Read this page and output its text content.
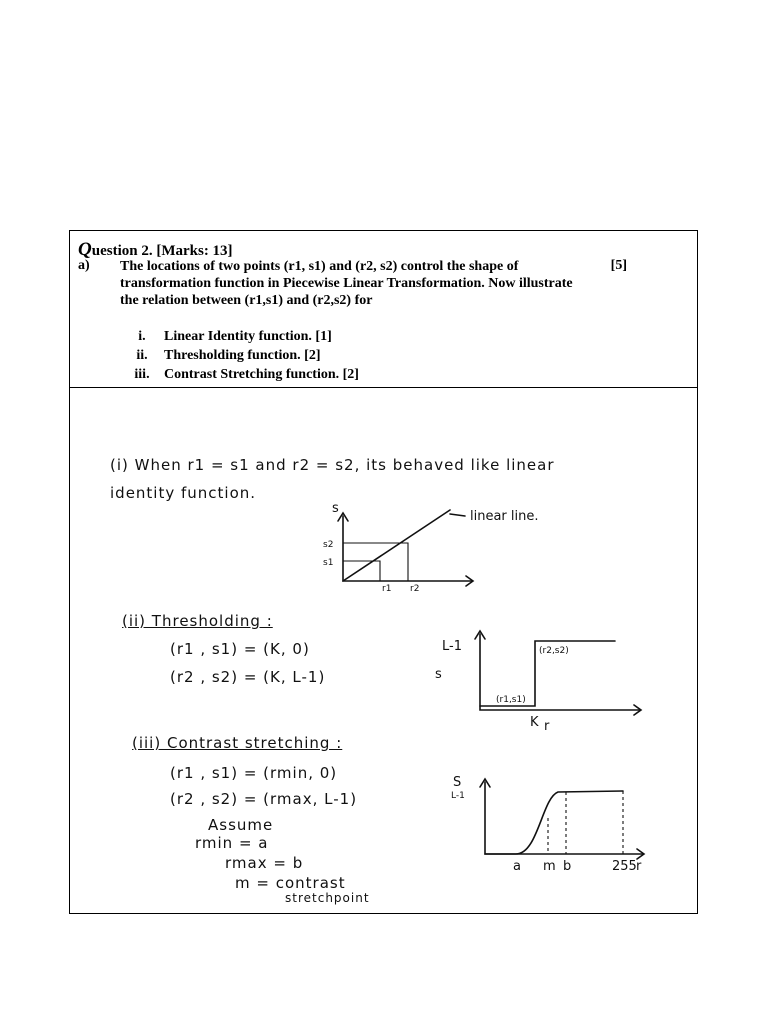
Question 2. [Marks: 13]
a) The locations of two points (r1, s1) and (r2, s2) control the shape of transformation function in Piecewise Linear Transformation. Now illustrate the relation between (r1,s1) and (r2,s2) for
[5]
i.	Linear Identity function. [1]
ii.	Thresholding function. [2]
iii.	Contrast Stretching function. [2]
(i) When r1 = s1 and r2 = s2, its behaved like linear
identity function.
s
s2
s1
r1 r2
linear line.
L-1
s
(r1,s1)
(r2,s2)
K r
S
L-1
a m b	255 r
(ii) Thresholding :
(r1 , s1) = (K, 0)
(r2 , s2) = (K, L-1)
(iii) Contrast stretching :
(r1 , s1) = (rmin, 0)
(r2 , s2) = (rmax, L-1)
Assume
rmin = a
rmax = b
m = contrast
stretchpoint
